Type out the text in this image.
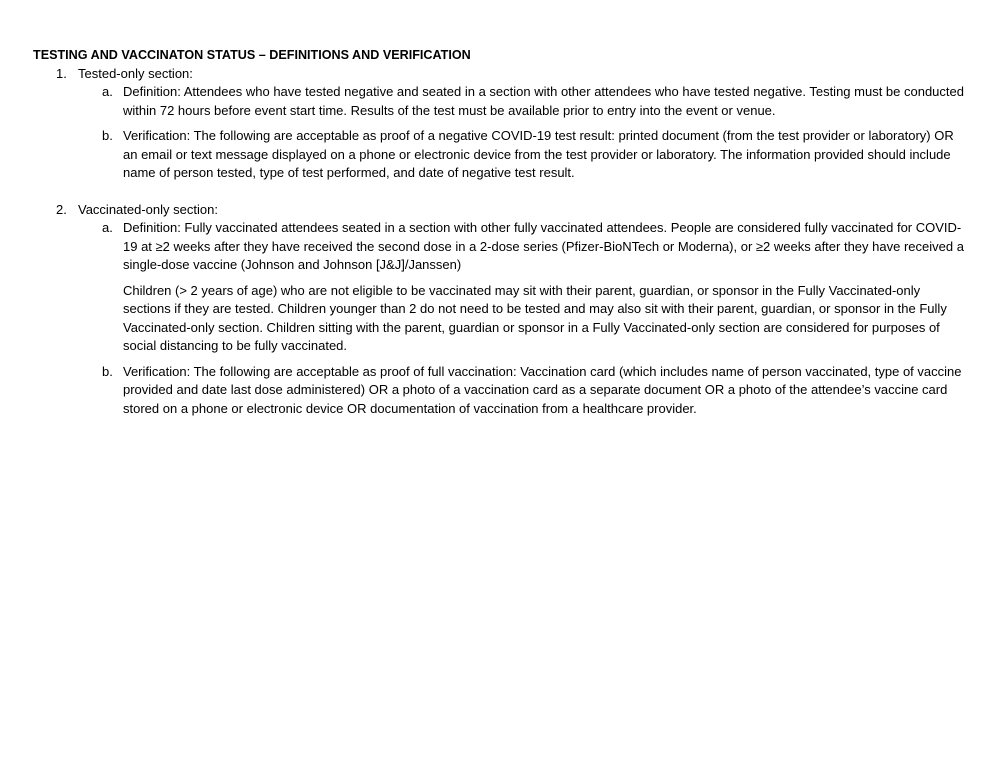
TESTING AND VACCINATON STATUS – DEFINITIONS AND VERIFICATION

1. Tested-only section:
a. Definition: Attendees who have tested negative and seated in a section with other attendees who have tested negative. Testing must be conducted within 72 hours before event start time. Results of the test must be available prior to entry into the event or venue.

b. Verification: The following are acceptable as proof of a negative COVID-19 test result: printed document (from the test provider or laboratory) OR an email or text message displayed on a phone or electronic device from the test provider or laboratory. The information provided should include name of person tested, type of test performed, and date of negative test result.

2. Vaccinated-only section:
a. Definition: Fully vaccinated attendees seated in a section with other fully vaccinated attendees. People are considered fully vaccinated for COVID-19 at ≥2 weeks after they have received the second dose in a 2-dose series (Pfizer-BioNTech or Moderna), or ≥2 weeks after they have received a single-dose vaccine (Johnson and Johnson [J&J]/Janssen)

Children (> 2 years of age) who are not eligible to be vaccinated may sit with their parent, guardian, or sponsor in the Fully Vaccinated-only sections if they are tested. Children younger than 2 do not need to be tested and may also sit with their parent, guardian, or sponsor in the Fully Vaccinated-only section. Children sitting with the parent, guardian or sponsor in a Fully Vaccinated-only section are considered for purposes of social distancing to be fully vaccinated.

b. Verification: The following are acceptable as proof of full vaccination: Vaccination card (which includes name of person vaccinated, type of vaccine provided and date last dose administered) OR a photo of a vaccination card as a separate document OR a photo of the attendee’s vaccine card stored on a phone or electronic device OR documentation of vaccination from a healthcare provider.
